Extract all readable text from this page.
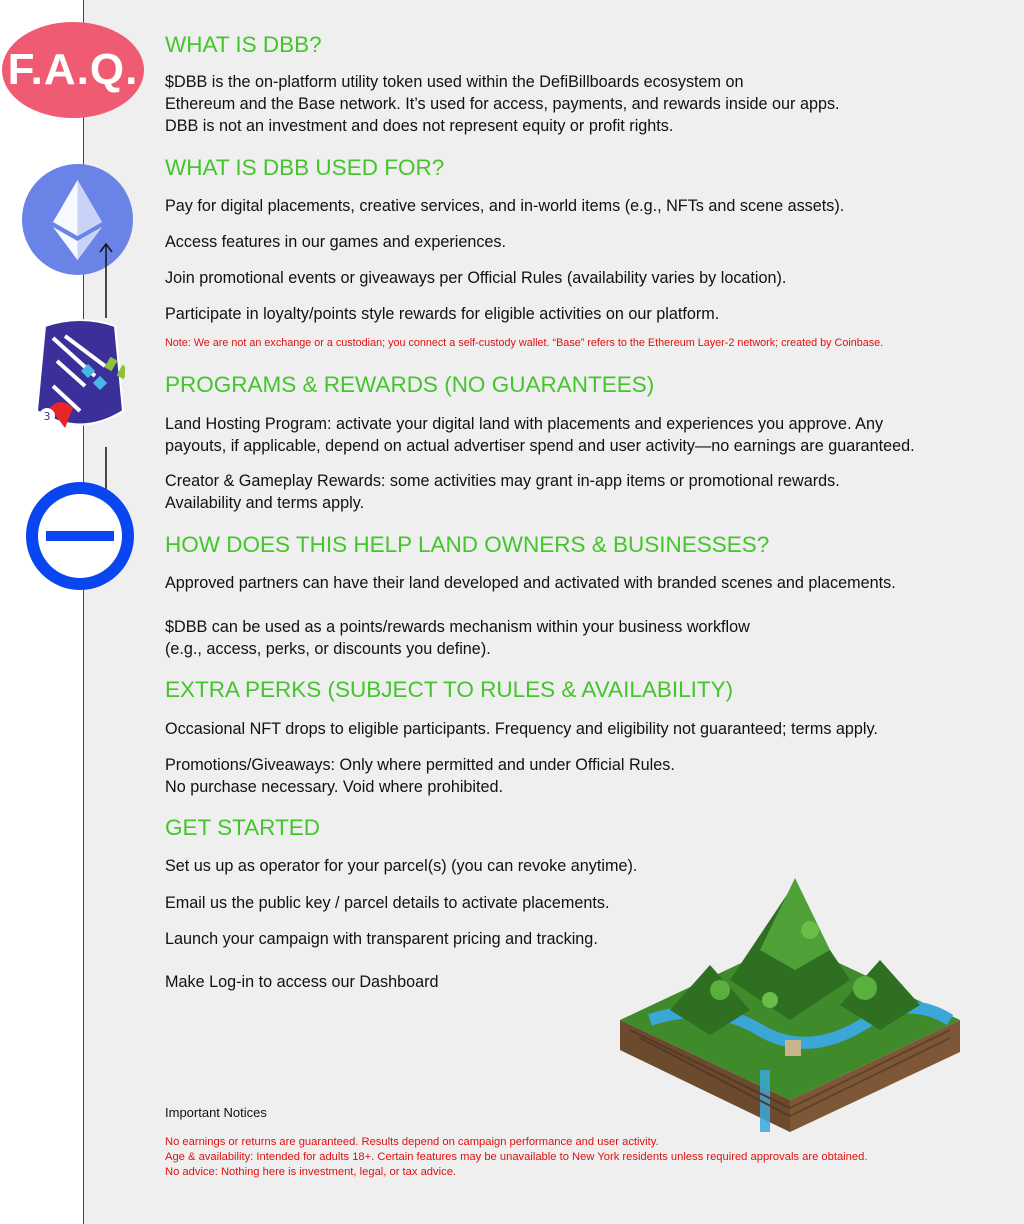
F.A.Q.
3
WHAT IS DBB?

$DBB is the on-platform utility token used within the DefiBillboards ecosystem on

Ethereum and the Base network. It’s used for access, payments, and rewards inside our apps.

DBB is not an investment and does not represent equity or profit rights.

WHAT IS DBB USED FOR?

Pay for digital placements, creative services, and in-world items (e.g., NFTs and scene assets).

Access features in our games and experiences.

Join promotional events or giveaways per Official Rules (availability varies by location).

Participate in loyalty/points style rewards for eligible activities on our platform.

Note: We are not an exchange or a custodian; you connect a self-custody wallet. “Base” refers to the Ethereum Layer-2 network; created by Coinbase.

PROGRAMS & REWARDS (NO GUARANTEES)

Land Hosting Program: activate your digital land with placements and experiences you approve. Any

payouts, if applicable, depend on actual advertiser spend and user activity—no earnings are guaranteed.

Creator & Gameplay Rewards: some activities may grant in-app items or promotional rewards.

Availability and terms apply.

HOW DOES THIS HELP LAND OWNERS & BUSINESSES?

Approved partners can have their land developed and activated with branded scenes and placements.

$DBB can be used as a points/rewards mechanism within your business workflow

(e.g., access, perks, or discounts you define).

EXTRA PERKS (SUBJECT TO RULES & AVAILABILITY)

Occasional NFT drops to eligible participants. Frequency and eligibility not guaranteed; terms apply.

Promotions/Giveaways: Only where permitted and under Official Rules.

No purchase necessary. Void where prohibited.

GET STARTED

Set us up as operator for your parcel(s) (you can revoke anytime).

Email us the public key / parcel details to activate placements.

Launch your campaign with transparent pricing and tracking.

Make Log-in to access our Dashboard

Important Notices

No earnings or returns are guaranteed. Results depend on campaign performance and user activity.

Age & availability: Intended for adults 18+. Certain features may be unavailable to New York residents unless required approvals are obtained.

No advice: Nothing here is investment, legal, or tax advice.
